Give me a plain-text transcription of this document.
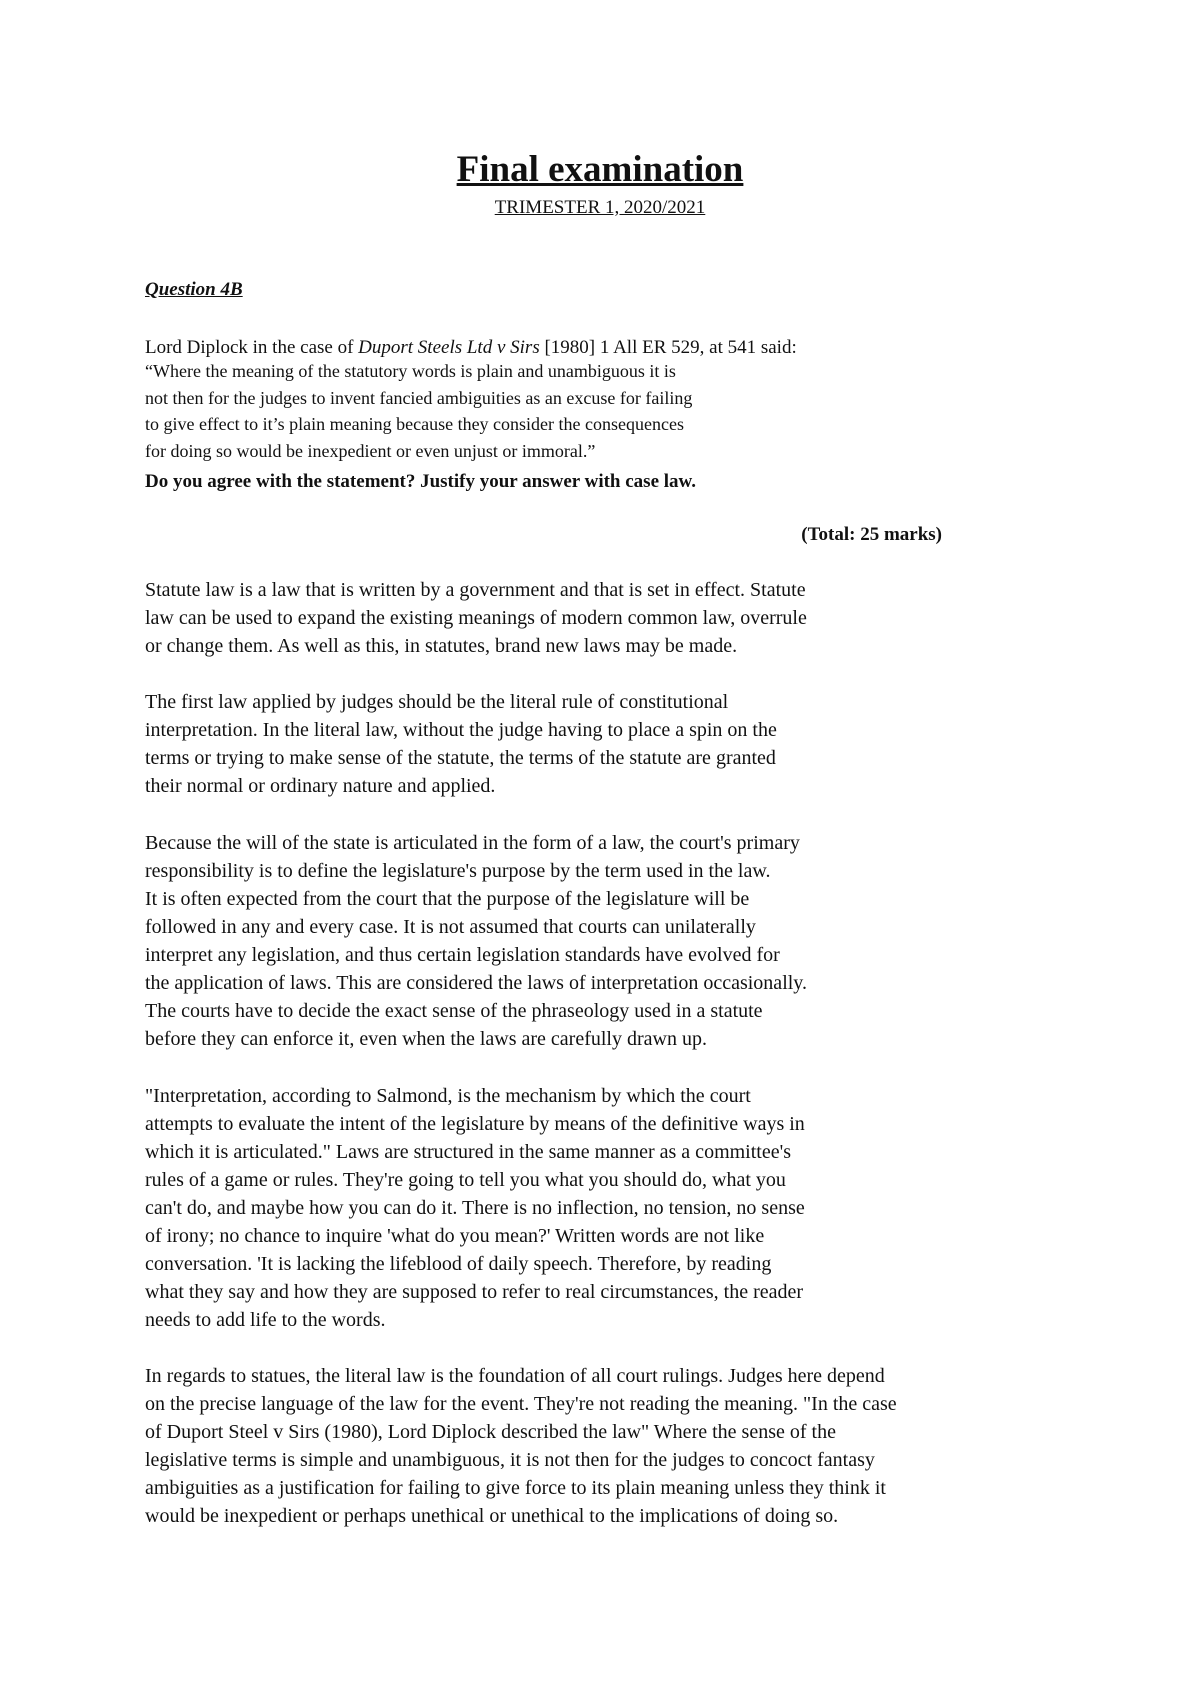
Final examination
TRIMESTER 1, 2020/2021
Question 4B
Lord Diplock in the case of Duport Steels Ltd v Sirs [1980] 1 All ER 529, at 541 said:
“Where the meaning of the statutory words is plain and unambiguous it is
not then for the judges to invent fancied ambiguities as an excuse for failing
to give effect to it’s plain meaning because they consider the consequences
for doing so would be inexpedient or even unjust or immoral.”
Do you agree with the statement? Justify your answer with case law.
(Total: 25 marks)

Statute law is a law that is written by a government and that is set in effect. Statute
law can be used to expand the existing meanings of modern common law, overrule
or change them. As well as this, in statutes, brand new laws may be made.

The first law applied by judges should be the literal rule of constitutional
interpretation. In the literal law, without the judge having to place a spin on the
terms or trying to make sense of the statute, the terms of the statute are granted
their normal or ordinary nature and applied.

Because the will of the state is articulated in the form of a law, the court's primary
responsibility is to define the legislature's purpose by the term used in the law.

It is often expected from the court that the purpose of the legislature will be
followed in any and every case. It is not assumed that courts can unilaterally
interpret any legislation, and thus certain legislation standards have evolved for
the application of laws. This are considered the laws of interpretation occasionally.
The courts have to decide the exact sense of the phraseology used in a statute
before they can enforce it, even when the laws are carefully drawn up.

"Interpretation, according to Salmond, is the mechanism by which the court
attempts to evaluate the intent of the legislature by means of the definitive ways in
which it is articulated." Laws are structured in the same manner as a committee's
rules of a game or rules. They're going to tell you what you should do, what you
can't do, and maybe how you can do it. There is no inflection, no tension, no sense
of irony; no chance to inquire 'what do you mean?' Written words are not like
conversation. 'It is lacking the lifeblood of daily speech. Therefore, by reading
what they say and how they are supposed to refer to real circumstances, the reader
needs to add life to the words.

In regards to statues, the literal law is the foundation of all court rulings. Judges here depend
on the precise language of the law for the event. They're not reading the meaning. "In the case
of Duport Steel v Sirs (1980), Lord Diplock described the law" Where the sense of the
legislative terms is simple and unambiguous, it is not then for the judges to concoct fantasy
ambiguities as a justification for failing to give force to its plain meaning unless they think it
would be inexpedient or perhaps unethical or unethical to the implications of doing so.
